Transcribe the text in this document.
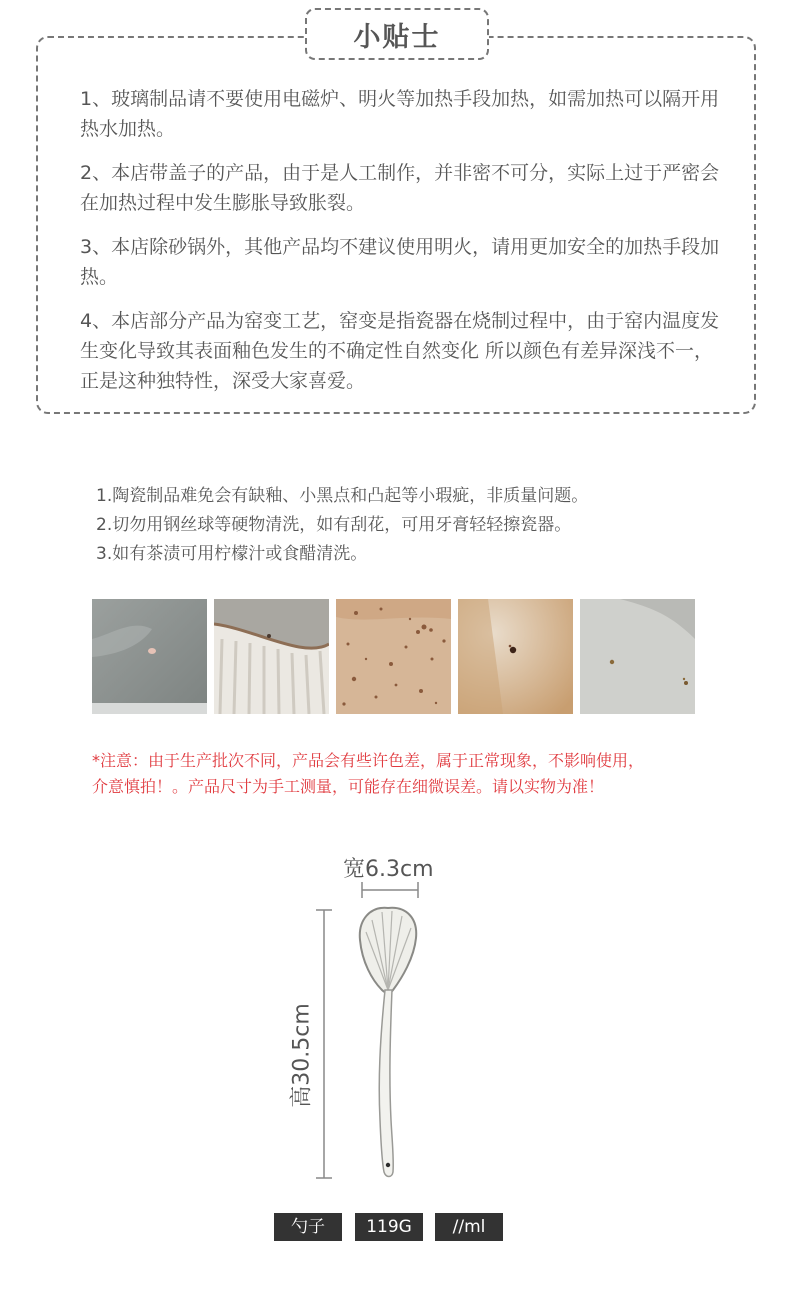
小贴士

1、玻璃制品请不要使用电磁炉、明火等加热手段加热，如需加热可以隔开用热水加热。

2、本店带盖子的产品，由于是人工制作，并非密不可分，实际上过于严密会在加热过程中发生膨胀导致胀裂。

3、本店除砂锅外，其他产品均不建议使用明火，请用更加安全的加热手段加热。

4、本店部分产品为窑变工艺，窑变是指瓷器在烧制过程中，由于窑内温度发生变化导致其表面釉色发生的不确定性自然变化 所以颜色有差异深浅不一，正是这种独特性，深受大家喜爱。

1.陶瓷制品难免会有缺釉、小黑点和凸起等小瑕疵，非质量问题。
2.切勿用钢丝球等硬物清洗，如有刮花，可用牙膏轻轻擦瓷器。
3.如有茶渍可用柠檬汁或食醋清洗。
*注意：由于生产批次不同，产品会有些许色差，属于正常现象，不影响使用，
介意慎拍！。产品尺寸为手工测量，可能存在细微误差。请以实物为准！
宽6.3cm
高30.5cm
勺子	119G	//ml
